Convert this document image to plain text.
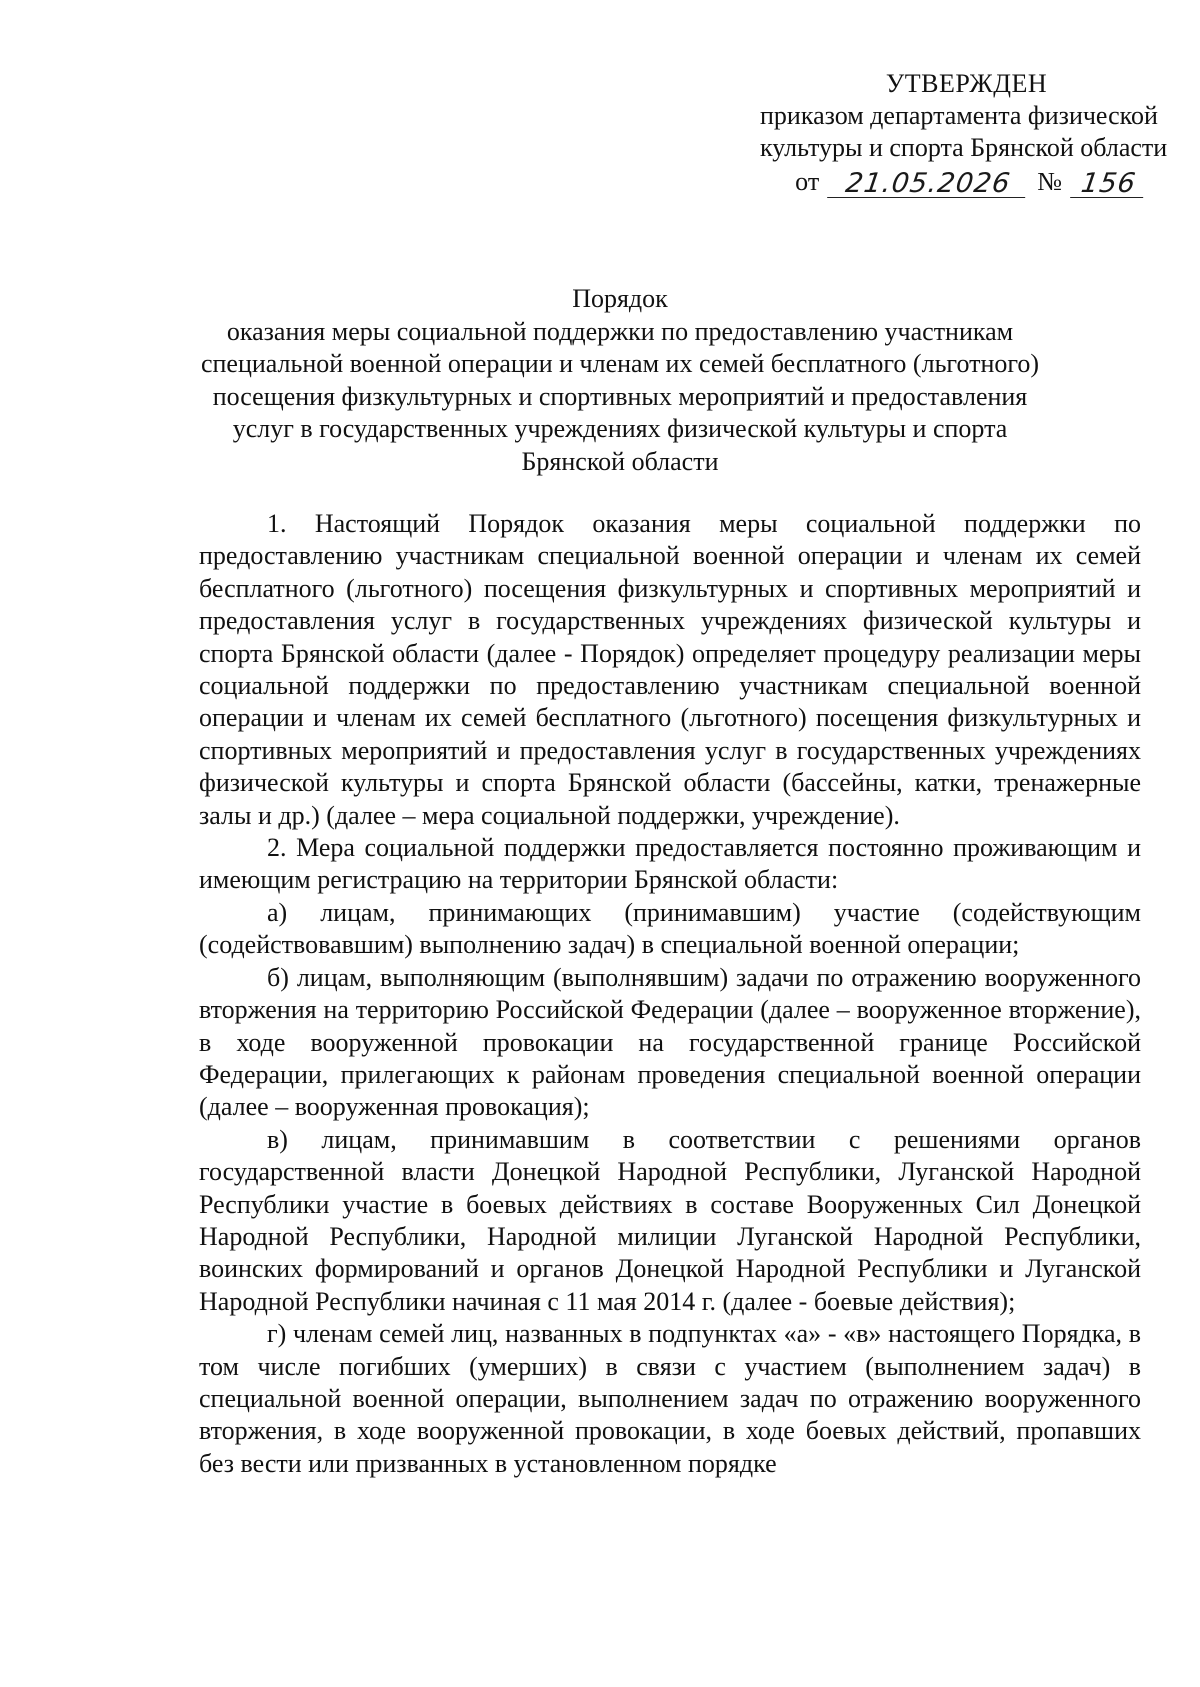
УТВЕРЖДЕН
приказом департамента физической
культуры и спорта Брянской области
от 21.05.2026 № 156
Порядок
оказания меры социальной поддержки по предоставлению участникам специальной военной операции и членам их семей бесплатного (льготного) посещения физкультурных и спортивных мероприятий и предоставления услуг в государственных учреждениях физической культуры и спорта Брянской области

1. Настоящий Порядок оказания меры социальной поддержки по предоставлению участникам специальной военной операции и членам их семей бесплатного (льготного) посещения физкультурных и спортивных мероприятий и предоставления услуг в государственных учреждениях физической культуры и спорта Брянской области (далее - Порядок) определяет процедуру реализации меры социальной поддержки по предоставлению участникам специальной военной операции и членам их семей бесплатного (льготного) посещения физкультурных и спортивных мероприятий и предоставления услуг в государственных учреждениях физической культуры и спорта Брянской области (бассейны, катки, тренажерные залы и др.) (далее – мера социальной поддержки, учреждение).

2. Мера социальной поддержки предоставляется постоянно проживающим и имеющим регистрацию на территории Брянской области:

а) лицам, принимающих (принимавшим) участие (содействующим (содействовавшим) выполнению задач) в специальной военной операции;

б) лицам, выполняющим (выполнявшим) задачи по отражению вооруженного вторжения на территорию Российской Федерации (далее – вооруженное вторжение), в ходе вооруженной провокации на государственной границе Российской Федерации, прилегающих к районам проведения специальной военной операции (далее – вооруженная провокация);

в) лицам, принимавшим в соответствии с решениями органов государственной власти Донецкой Народной Республики, Луганской Народной Республики участие в боевых действиях в составе Вооруженных Сил Донецкой Народной Республики, Народной милиции Луганской Народной Республики, воинских формирований и органов Донецкой Народной Республики и Луганской Народной Республики начиная с 11 мая 2014 г. (далее - боевые действия);

г) членам семей лиц, названных в подпунктах «а» - «в» настоящего Порядка, в том числе погибших (умерших) в связи с участием (выполнением задач) в специальной военной операции, выполнением задач по отражению вооруженного вторжения, в ходе вооруженной провокации, в ходе боевых действий, пропавших без вести или призванных в установленном порядке
